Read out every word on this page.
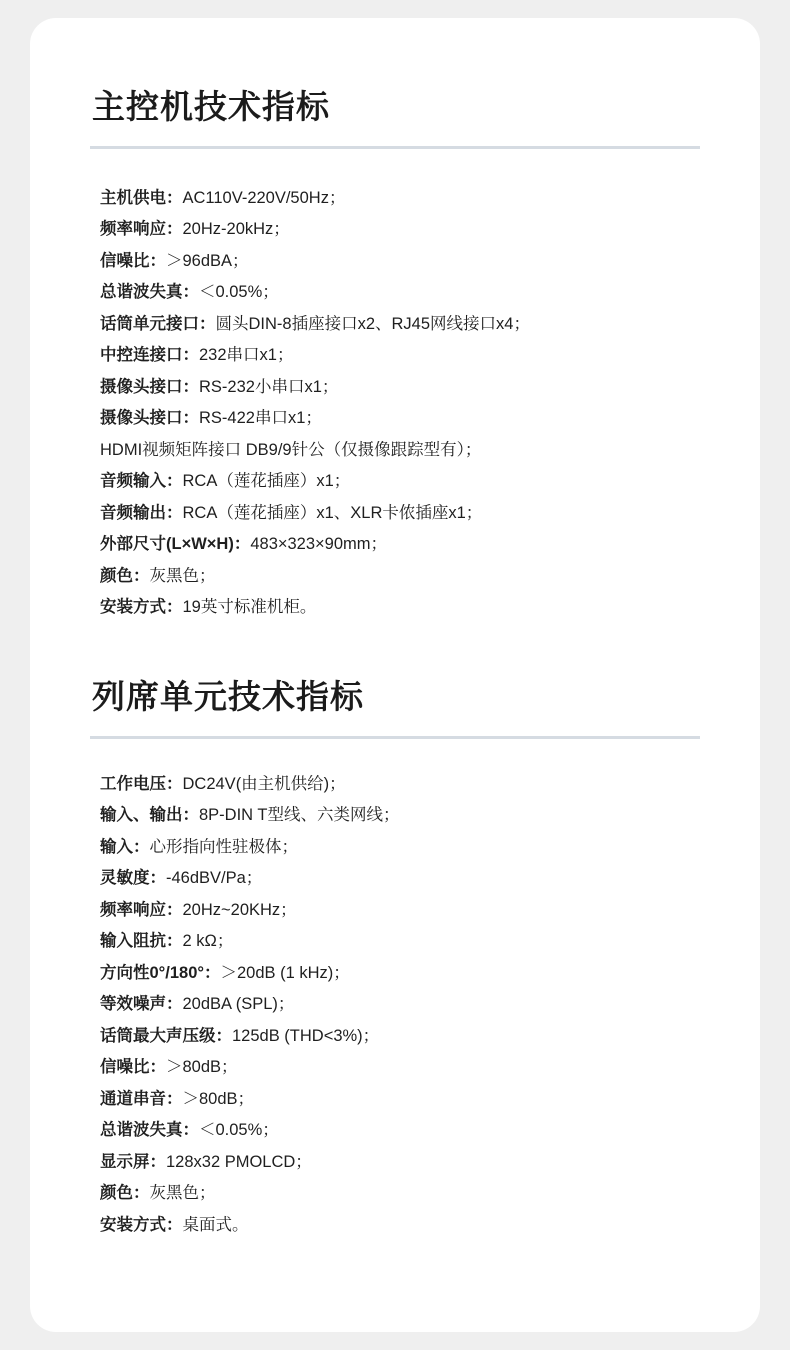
主控机技术指标
主机供电：AC110V-220V/50Hz；
频率响应：20Hz-20kHz；
信噪比：＞96dBA；
总谐波失真：＜0.05%；
话筒单元接口：圆头DIN-8插座接口x2、RJ45网线接口x4；
中控连接口：232串口x1；
摄像头接口：RS-232小串口x1；
摄像头接口：RS-422串口x1；
HDMI视频矩阵接口 DB9/9针公（仅摄像跟踪型有）；
音频输入：RCA（莲花插座）x1；
音频输出：RCA（莲花插座）x1、XLR卡侬插座x1；
外部尺寸(L×W×H)：483×323×90mm；
颜色：灰黑色；
安装方式：19英寸标准机柜。
列席单元技术指标
工作电压：DC24V(由主机供给)；
输入、输出：8P-DIN T型线、六类网线；
输入：心形指向性驻极体；
灵敏度：-46dBV/Pa；
频率响应：20Hz~20KHz；
输入阻抗：2 kΩ；
方向性0°/180°：＞20dB (1 kHz)；
等效噪声：20dBA (SPL)；
话筒最大声压级：125dB (THD<3%)；
信噪比：＞80dB；
通道串音：＞80dB；
总谐波失真：＜0.05%；
显示屏：128x32 PMOLCD；
颜色：灰黑色；
安装方式：桌面式。
